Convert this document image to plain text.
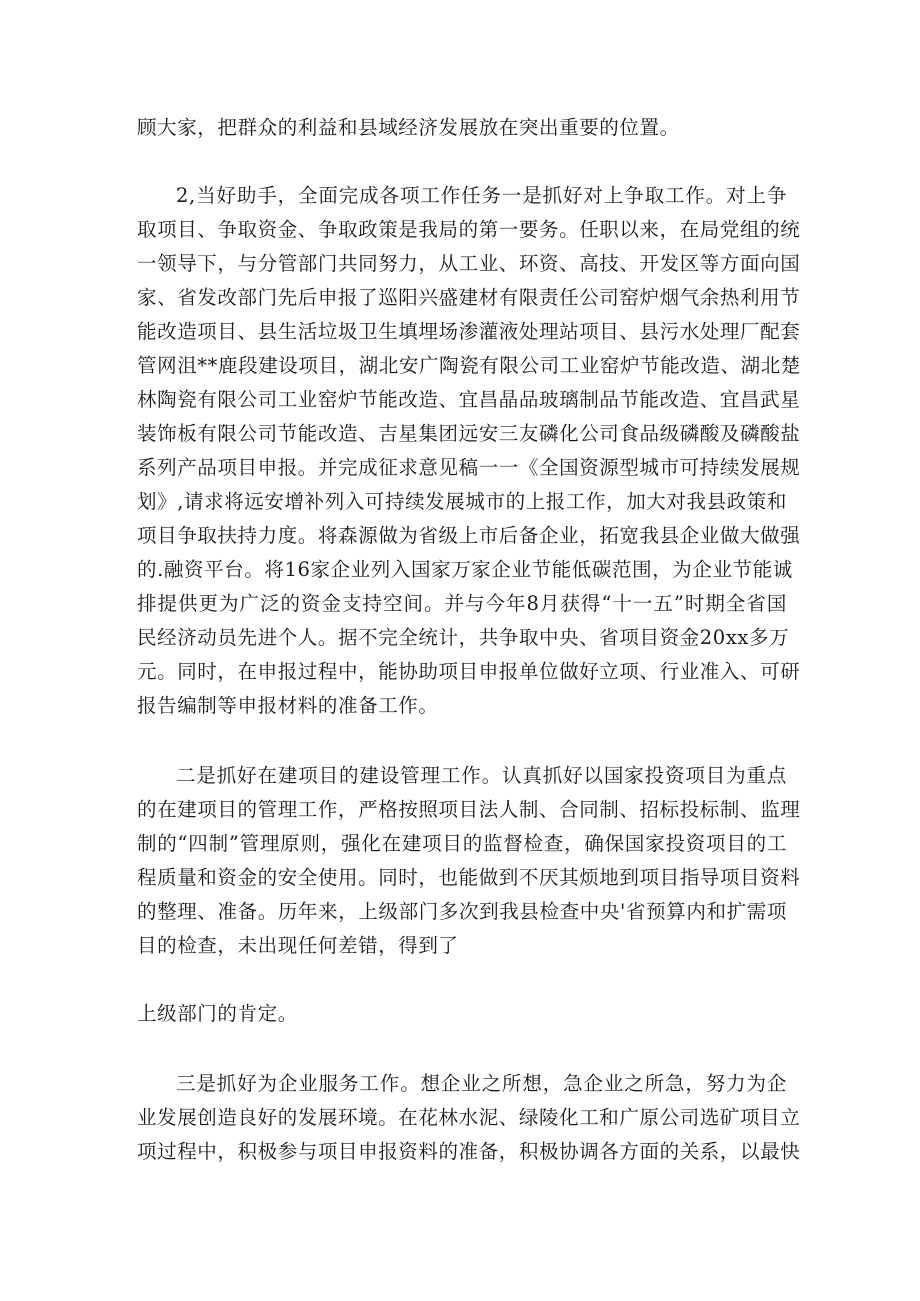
顾大家，把群众的利益和县域经济发展放在突出重要的位置。
2,当好助手，全面完成各项工作任务一是抓好对上争取工作。对上争
取项目、争取资金、争取政策是我局的第一要务。任职以来，在局党组的统
一领导下，与分管部门共同努力，从工业、环资、高技、开发区等方面向国
家、省发改部门先后申报了巡阳兴盛建材有限责任公司窑炉烟气余热利用节
能改造项目、县生活垃圾卫生填埋场渗灌液处理站项目、县污水处理厂配套
管网沮**鹿段建设项目，湖北安广陶瓷有限公司工业窑炉节能改造、湖北楚
林陶瓷有限公司工业窑炉节能改造、宜昌晶品玻璃制品节能改造、宜昌武星
装饰板有限公司节能改造、吉星集团远安三友磷化公司食品级磷酸及磷酸盐
系列产品项目申报。并完成征求意见稿一一《全国资源型城市可持续发展规
划》,请求将远安增补列入可持续发展城市的上报工作，加大对我县政策和
项目争取扶持力度。将森源做为省级上市后备企业，拓宽我县企业做大做强
的.融资平台。将16家企业列入国家万家企业节能低碳范围，为企业节能诚
排提供更为广泛的资金支持空间。并与今年8月获得“十一五”时期全省国
民经济动员先进个人。据不完全统计，共争取中央、省项目资金20xx多万
元。同时，在申报过程中，能协助项目申报单位做好立项、行业准入、可研
报告编制等申报材料的准备工作。
二是抓好在建项目的建设管理工作。认真抓好以国家投资项目为重点
的在建项目的管理工作，严格按照项目法人制、合同制、招标投标制、监理
制的“四制”管理原则，强化在建项目的监督检查，确保国家投资项目的工
程质量和资金的安全使用。同时，也能做到不厌其烦地到项目指导项目资料
的整理、准备。历年来，上级部门多次到我县检查中央'省预算内和扩需项
目的检查，未出现任何差错，得到了
上级部门的肯定。
三是抓好为企业服务工作。想企业之所想，急企业之所急，努力为企
业发展创造良好的发展环境。在花林水泥、绿陵化工和广原公司选矿项目立
项过程中，积极参与项目申报资料的准备，积极协调各方面的关系，以最快
